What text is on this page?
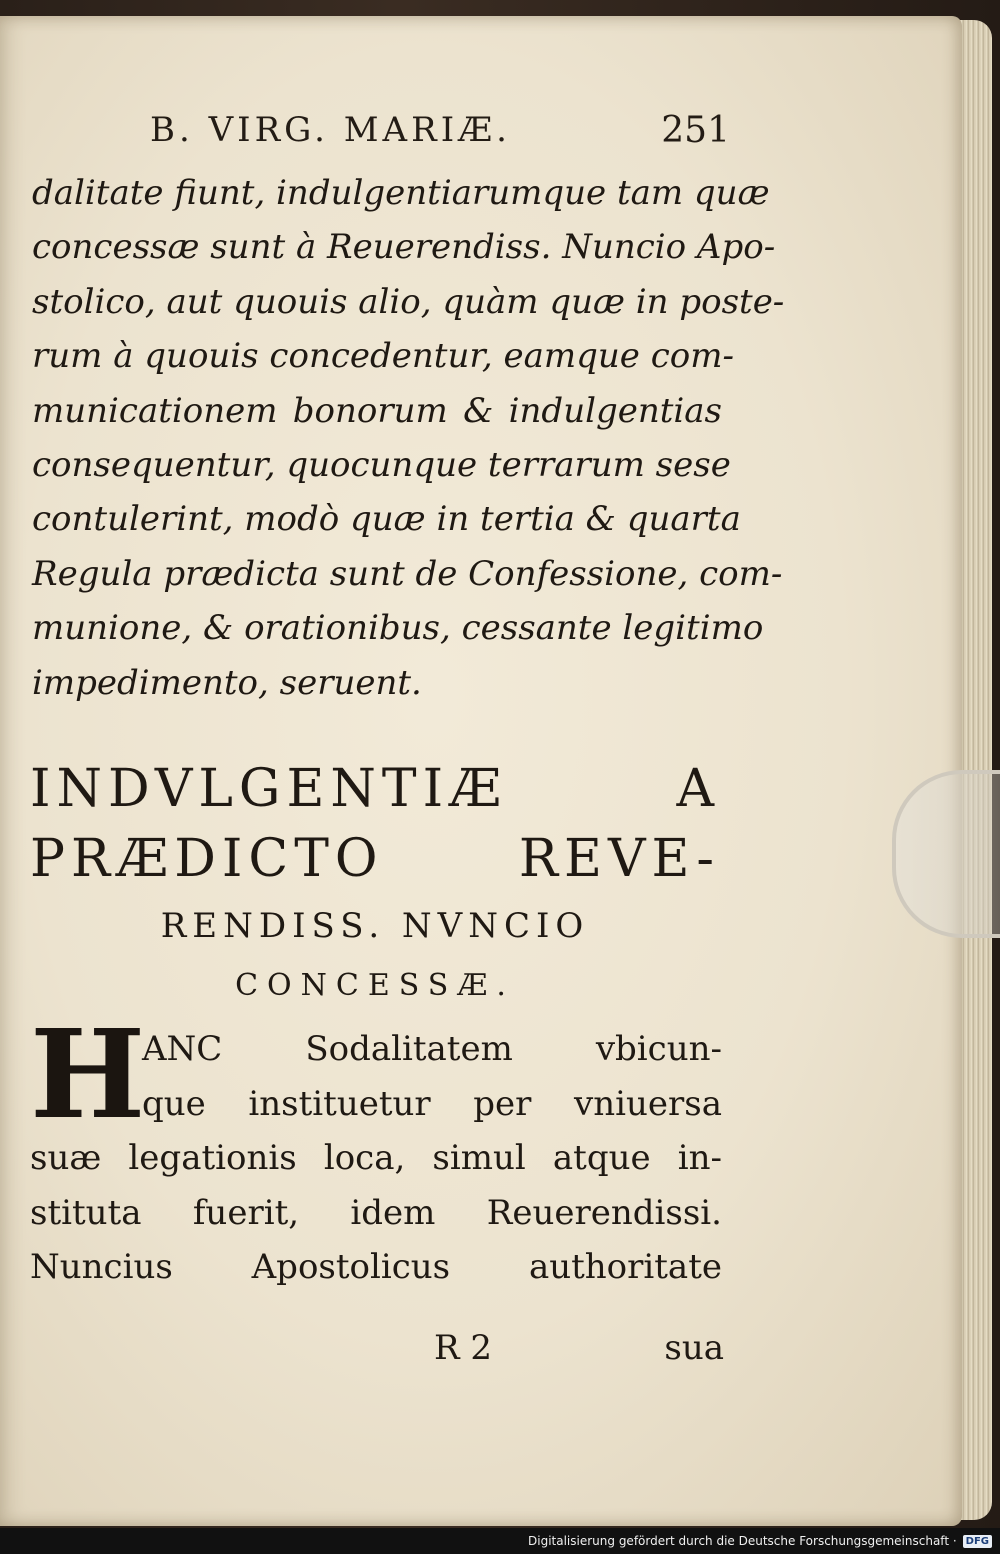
B. VIRG. MARIÆ.	251
dalitate fiunt, indulgentiarumque tam quæ
concessæ sunt à Reuerendiss. Nuncio Apo-
stolico, aut quouis alio, quàm quæ in poste-
rum à quouis concedentur, eamque com-
municationem bonorum & indulgentias
consequentur, quocunque terrarum sese
contulerint, modò quæ in tertia & quarta
Regula prædicta sunt de Confessione, com-
munione, & orationibus, cessante legitimo
impedimento, seruent.
INDVLGENTIÆ A
PRÆDICTO REVE-
RENDISS. NVNCIO
CONCESSÆ.
H
ANC Sodalitatem vbicun-
que instituetur per vniuersa
suæ legationis loca, simul atque in-
stituta fuerit, idem Reuerendissi.
Nuncius Apostolicus authoritate
R 2	sua
Digitalisierung gefördert durch die Deutsche Forschungsgemeinschaft · DFG
